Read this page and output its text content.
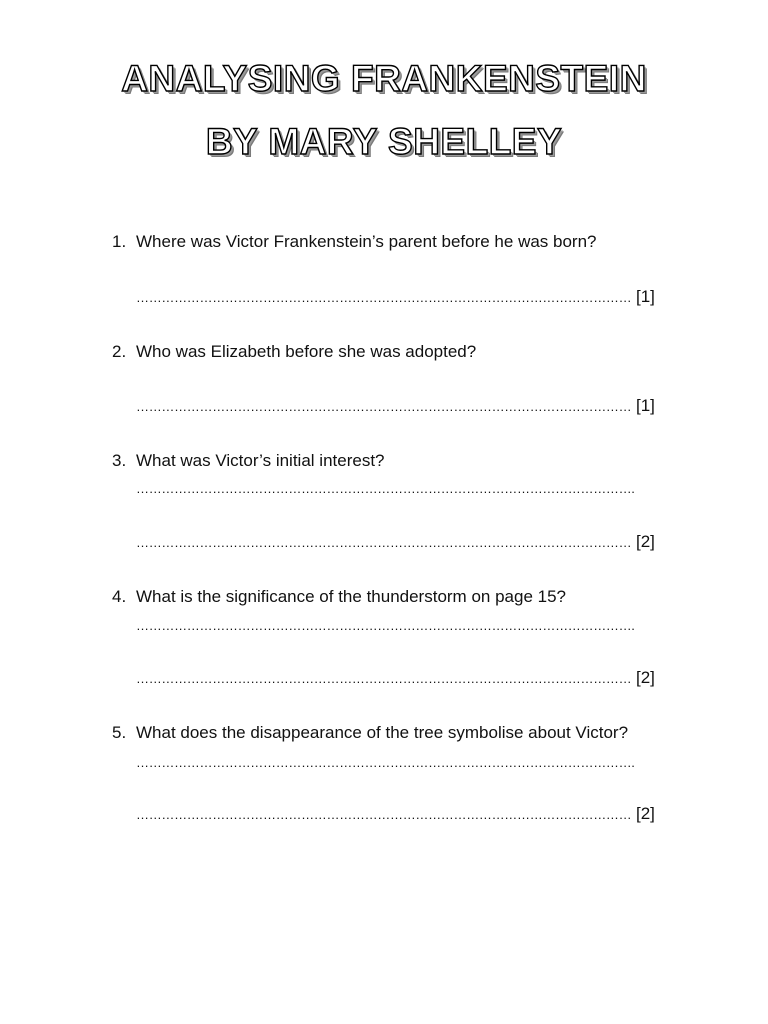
ANALYSING FRANKENSTEIN
BY MARY SHELLEY
1. Where was Victor Frankenstein’s parent before he was born?
……………………………………………………………………………………………………… [1]
2. Who was Elizabeth before she was adopted?
……………………………………………………………………………………………………… [1]
3. What was Victor’s initial interest?
……………………………………………………………………………………………………….
……………………………………………………………………………………………………… [2]
4. What is the significance of the thunderstorm on page 15?
……………………………………………………………………………………………………….
……………………………………………………………………………………………………… [2]
5. What does the disappearance of the tree symbolise about Victor?
……………………………………………………………………………………………………….
……………………………………………………………………………………………………… [2]
